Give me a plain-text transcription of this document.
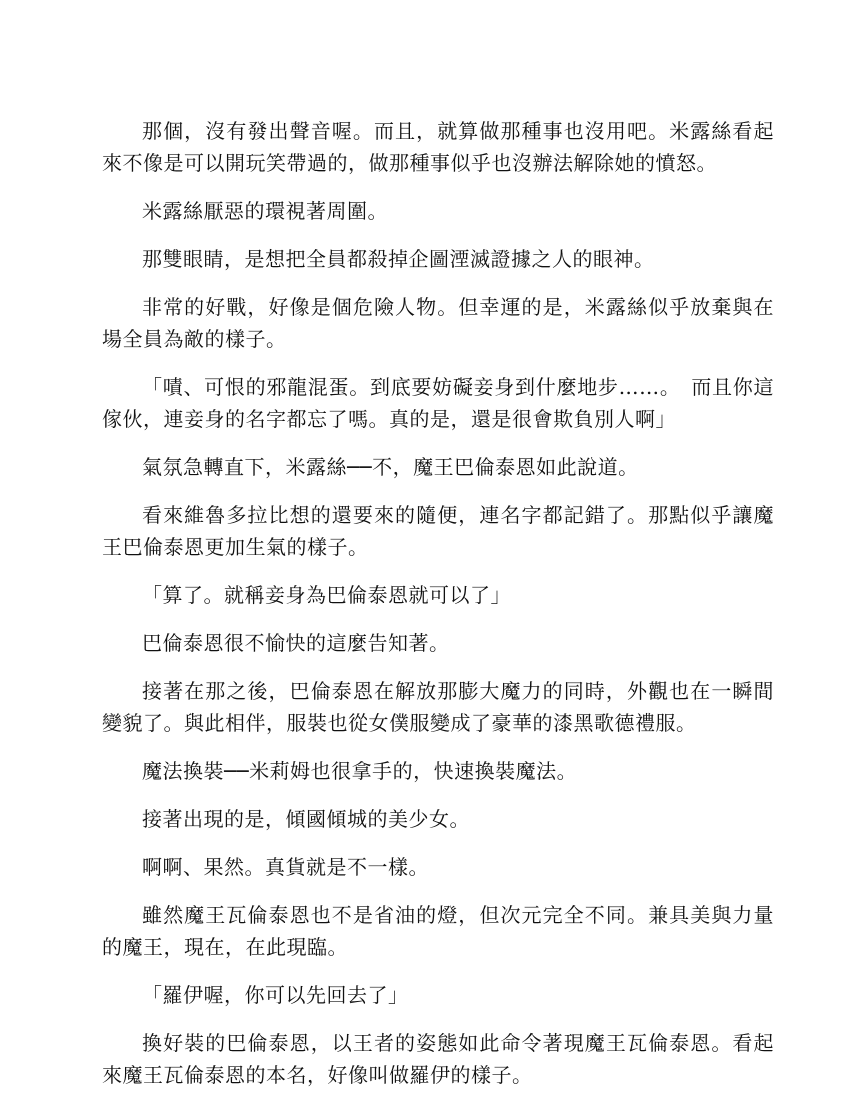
那個，沒有發出聲音喔。而且，就算做那種事也沒用吧。米露絲看起來不像是可以開玩笑帶過的，做那種事似乎也沒辦法解除她的憤怒。

米露絲厭惡的環視著周圍。

那雙眼睛，是想把全員都殺掉企圖湮滅證據之人的眼神。

非常的好戰，好像是個危險人物。但幸運的是，米露絲似乎放棄與在場全員為敵的樣子。

「嘖、可恨的邪龍混蛋。到底要妨礙妾身到什麼地步……。　而且你這傢伙，連妾身的名字都忘了嗎。真的是，還是很會欺負別人啊」

氣氛急轉直下，米露絲──不，魔王巴倫泰恩如此說道。

看來維魯多拉比想的還要來的隨便，連名字都記錯了。那點似乎讓魔王巴倫泰恩更加生氣的樣子。

「算了。就稱妾身為巴倫泰恩就可以了」

巴倫泰恩很不愉快的這麼告知著。

接著在那之後，巴倫泰恩在解放那膨大魔力的同時，外觀也在一瞬間變貌了。與此相伴，服裝也從女僕服變成了豪華的漆黑歌德禮服。

魔法換裝──米莉姆也很拿手的，快速換裝魔法。

接著出現的是，傾國傾城的美少女。

啊啊、果然。真貨就是不一樣。

雖然魔王瓦倫泰恩也不是省油的燈，但次元完全不同。兼具美與力量的魔王，現在，在此現臨。

「羅伊喔，你可以先回去了」

換好裝的巴倫泰恩，以王者的姿態如此命令著現魔王瓦倫泰恩。看起來魔王瓦倫泰恩的本名，好像叫做羅伊的樣子。
